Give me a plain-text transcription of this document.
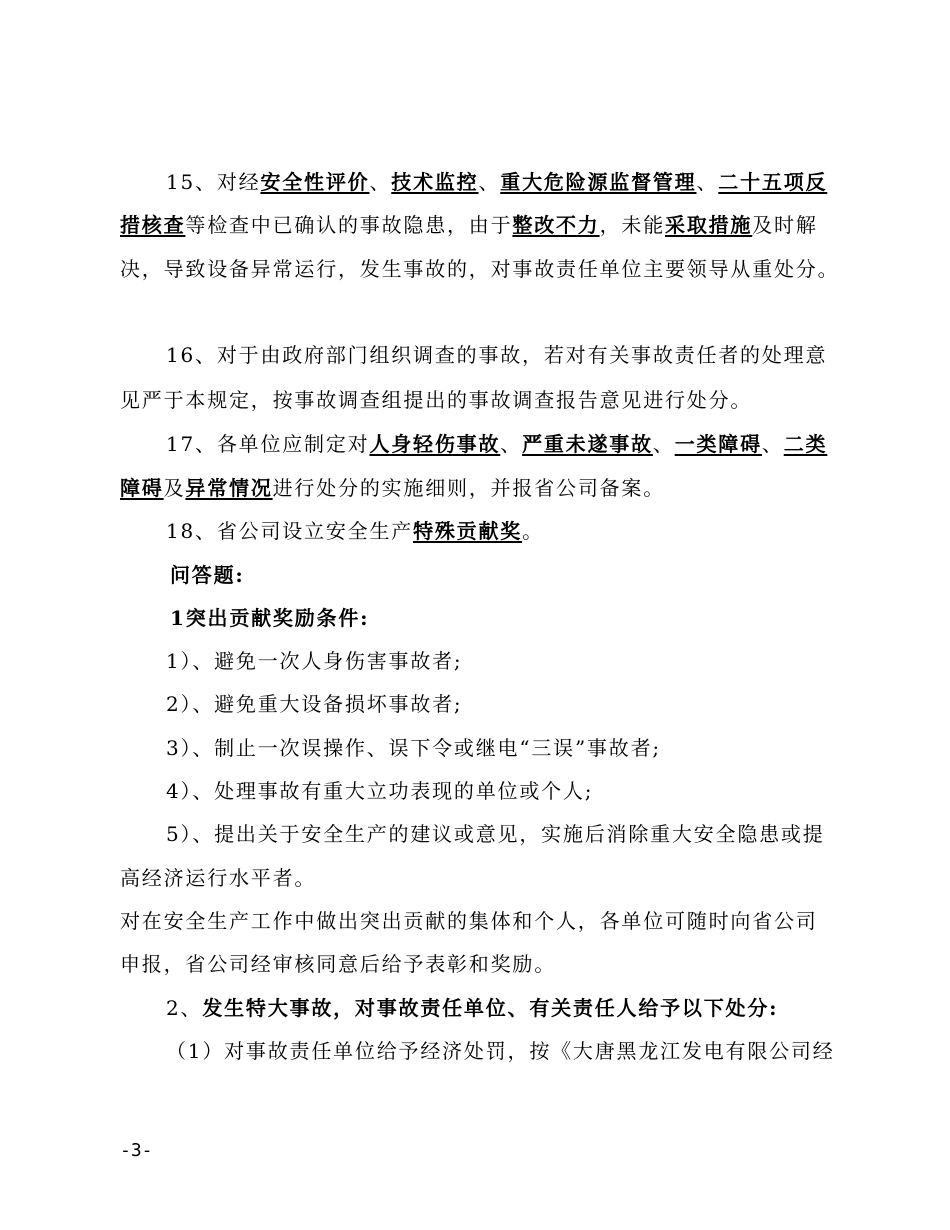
15、对经安全性评价、技术监控、重大危险源监督管理、二十五项反
措核查等检查中已确认的事故隐患，由于整改不力，未能采取措施及时解
决，导致设备异常运行，发生事故的，对事故责任单位主要领导从重处分。
16、对于由政府部门组织调查的事故，若对有关事故责任者的处理意
见严于本规定，按事故调查组提出的事故调查报告意见进行处分。
17、各单位应制定对人身轻伤事故、严重未遂事故、一类障碍、二类
障碍及异常情况进行处分的实施细则，并报省公司备案。
18、省公司设立安全生产特殊贡献奖。
问答题:
1突出贡献奖励条件:
1）、避免一次人身伤害事故者;
2）、避免重大设备损坏事故者;
3）、制止一次误操作、误下令或继电“三误”事故者;
4）、处理事故有重大立功表现的单位或个人;
5）、提出关于安全生产的建议或意见，实施后消除重大安全隐患或提
高经济运行水平者。
对在安全生产工作中做出突出贡献的集体和个人，各单位可随时向省公司
申报，省公司经审核同意后给予表彰和奖励。
2、发生特大事故，对事故责任单位、有关责任人给予以下处分:
（1）对事故责任单位给予经济处罚，按《大唐黑龙江发电有限公司经
-3-
